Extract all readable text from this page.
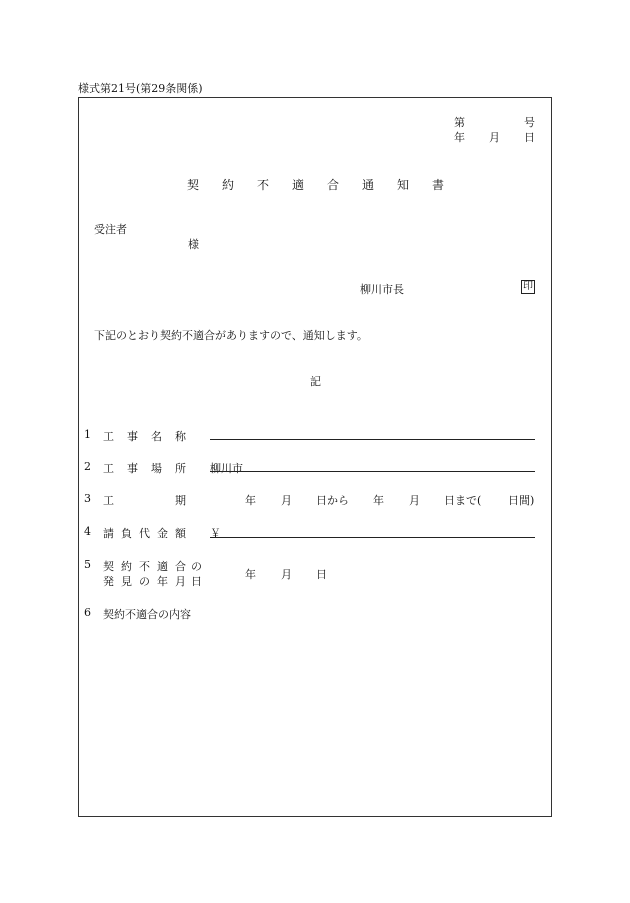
様式第21号(第29条関係)
第	号
年 月 日
契 約 不 適 合 通 知 書
受注者
様
柳川市長	印
下記のとおり契約不適合がありますので、通知します。
記
1 工 事 名 称
2 工 事 場 所 柳川市
3 工	期	年 月 日から 年 月 日まで( 日間)
4 請 負 代 金 額 ￥
5 契 約 不 適 合 の
発 見 の 年 月 日
年 月 日
6 契約不適合の内容
